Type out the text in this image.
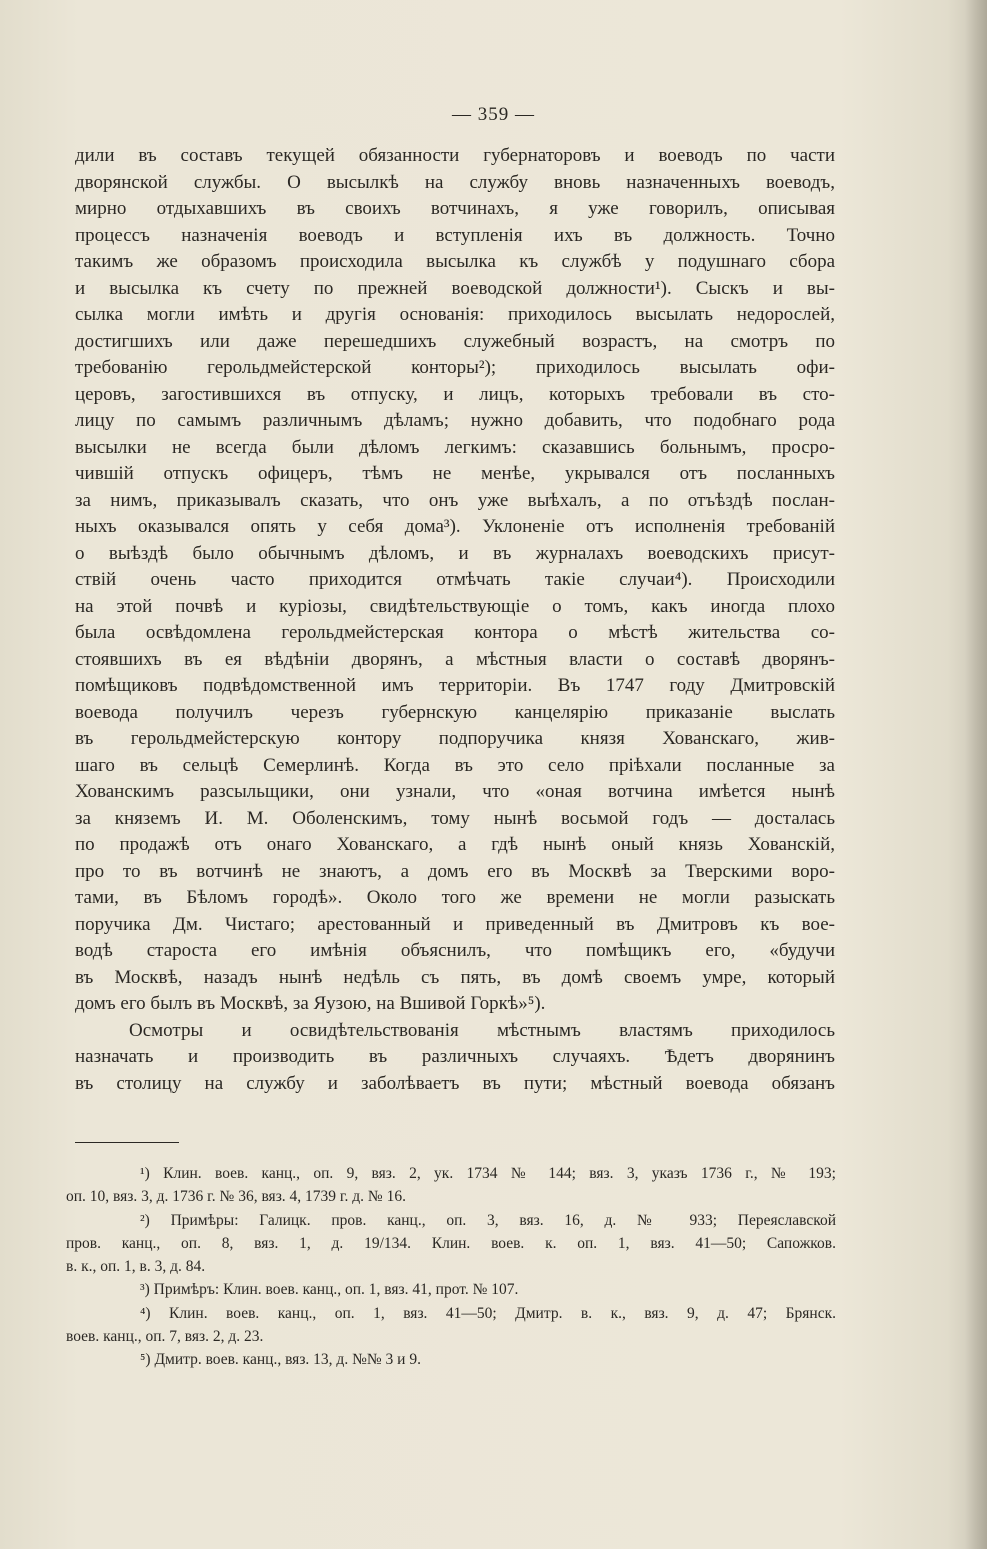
— 359 —
дили въ составъ текущей обязанности губернаторовъ и воеводъ по части
дворянской службы. О высылкѣ на службу вновь назначенныхъ воеводъ,
мирно отдыхавшихъ въ своихъ вотчинахъ, я уже говорилъ, описывая
процессъ назначенія воеводъ и вступленія ихъ въ должность. Точно
такимъ же образомъ происходила высылка къ службѣ у подушнаго сбора
и высылка къ счету по прежней воеводской должности¹). Сыскъ и вы-
сылка могли имѣть и другія основанія: приходилось высылать недорослей,
достигшихъ или даже перешедшихъ служебный возрастъ, на смотръ по
требованію герольдмейстерской конторы²); приходилось высылать офи-
церовъ, загостившихся въ отпуску, и лицъ, которыхъ требовали въ сто-
лицу по самымъ различнымъ дѣламъ; нужно добавить, что подобнаго рода
высылки не всегда были дѣломъ легкимъ: сказавшись больнымъ, просро-
чившій отпускъ офицеръ, тѣмъ не менѣе, укрывался отъ посланныхъ
за нимъ, приказывалъ сказать, что онъ уже выѣхалъ, а по отъѣздѣ послан-
ныхъ оказывался опять у себя дома³). Уклоненіе отъ исполненія требованій
о выѣздѣ было обычнымъ дѣломъ, и въ журналахъ воеводскихъ присут-
ствій очень часто приходится отмѣчать такіе случаи⁴). Происходили
на этой почвѣ и куріозы, свидѣтельствующіе о томъ, какъ иногда плохо
была освѣдомлена герольдмейстерская контора о мѣстѣ жительства со-
стоявшихъ въ ея вѣдѣніи дворянъ, а мѣстныя власти о составѣ дворянъ-
помѣщиковъ подвѣдомственной имъ территоріи. Въ 1747 году Дмитровскій
воевода получилъ черезъ губернскую канцелярію приказаніе выслать
въ герольдмейстерскую контору подпоручика князя Хованскаго, жив-
шаго въ сельцѣ Семерлинѣ. Когда въ это село пріѣхали посланные за
Хованскимъ разсыльщики, они узнали, что «оная вотчина имѣется нынѣ
за княземъ И. М. Оболенскимъ, тому нынѣ восьмой годъ — досталась
по продажѣ отъ онаго Хованскаго, а гдѣ нынѣ оный князь Хованскій,
про то въ вотчинѣ не знаютъ, а домъ его въ Москвѣ за Тверскими воро-
тами, въ Бѣломъ городѣ». Около того же времени не могли разыскать
поручика Дм. Чистаго; арестованный и приведенный въ Дмитровъ къ вое-
водѣ староста его имѣнія объяснилъ, что помѣщикъ его, «будучи
въ Москвѣ, назадъ нынѣ недѣль съ пять, въ домѣ своемъ умре, который
домъ его былъ въ Москвѣ, за Яузою, на Вшивой Горкѣ»⁵).
Осмотры и освидѣтельствованія мѣстнымъ властямъ приходилось
назначать и производить въ различныхъ случаяхъ. Ѣдетъ дворянинъ
въ столицу на службу и заболѣваетъ въ пути; мѣстный воевода обязанъ
¹) Клин. воев. канц., оп. 9, вяз. 2, ук. 1734 № 144; вяз. 3, указъ 1736 г., № 193;
оп. 10, вяз. 3, д. 1736 г. № 36, вяз. 4, 1739 г. д. № 16.
²) Примѣры: Галицк. пров. канц., оп. 3, вяз. 16, д. № 933; Переяславской
пров. канц., оп. 8, вяз. 1, д. 19/134. Клин. воев. к. оп. 1, вяз. 41—50; Сапожков.
в. к., оп. 1, в. 3, д. 84.
³) Примѣръ: Клин. воев. канц., оп. 1, вяз. 41, прот. № 107.
⁴) Клин. воев. канц., оп. 1, вяз. 41—50; Дмитр. в. к., вяз. 9, д. 47; Брянск.
воев. канц., оп. 7, вяз. 2, д. 23.
⁵) Дмитр. воев. канц., вяз. 13, д. №№ 3 и 9.
